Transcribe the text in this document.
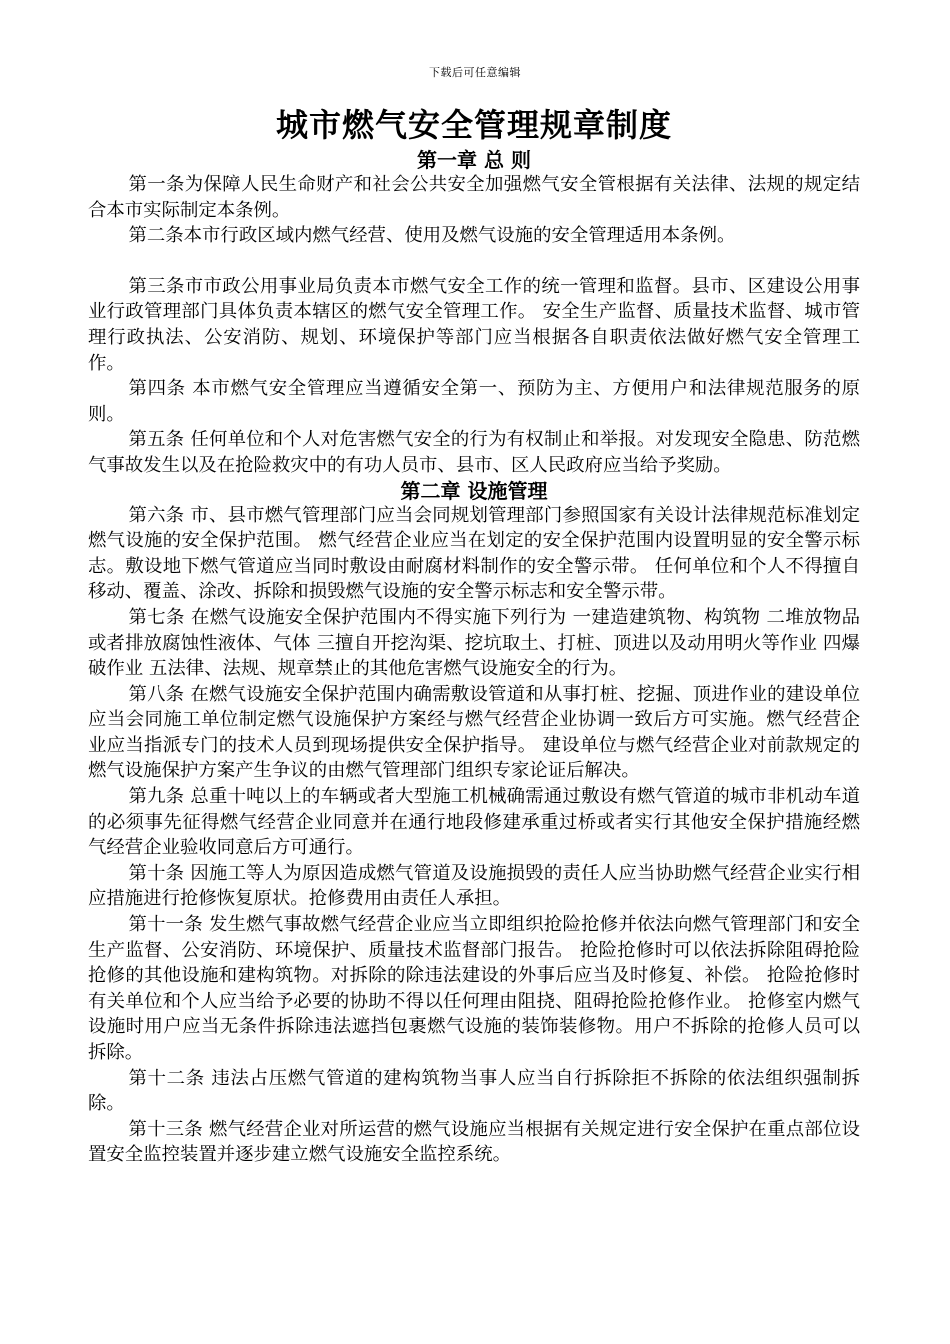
下载后可任意编辑
城市燃气安全管理规章制度
第一章 总 则

第一条为保障人民生命财产和社会公共安全加强燃气安全管根据有关法律、法规的规定结合本市实际制定本条例。

第二条本市行政区域内燃气经营、使用及燃气设施的安全管理适用本条例。

第三条市市政公用事业局负责本市燃气安全工作的统一管理和监督。县市、区建设公用事业行政管理部门具体负责本辖区的燃气安全管理工作。 安全生产监督、质量技术监督、城市管理行政执法、公安消防、规划、环境保护等部门应当根据各自职责依法做好燃气安全管理工作。

第四条 本市燃气安全管理应当遵循安全第一、预防为主、方便用户和法律规范服务的原则。

第五条 任何单位和个人对危害燃气安全的行为有权制止和举报。对发现安全隐患、防范燃气事故发生以及在抢险救灾中的有功人员市、县市、区人民政府应当给予奖励。

第二章 设施管理

第六条 市、县市燃气管理部门应当会同规划管理部门参照国家有关设计法律规范标准划定燃气设施的安全保护范围。 燃气经营企业应当在划定的安全保护范围内设置明显的安全警示标志。敷设地下燃气管道应当同时敷设由耐腐材料制作的安全警示带。 任何单位和个人不得擅自移动、覆盖、涂改、拆除和损毁燃气设施的安全警示标志和安全警示带。

第七条 在燃气设施安全保护范围内不得实施下列行为 一建造建筑物、构筑物 二堆放物品或者排放腐蚀性液体、气体 三擅自开挖沟渠、挖坑取土、打桩、顶进以及动用明火等作业 四爆破作业 五法律、法规、规章禁止的其他危害燃气设施安全的行为。

第八条 在燃气设施安全保护范围内确需敷设管道和从事打桩、挖掘、顶进作业的建设单位应当会同施工单位制定燃气设施保护方案经与燃气经营企业协调一致后方可实施。燃气经营企业应当指派专门的技术人员到现场提供安全保护指导。 建设单位与燃气经营企业对前款规定的燃气设施保护方案产生争议的由燃气管理部门组织专家论证后解决。

第九条 总重十吨以上的车辆或者大型施工机械确需通过敷设有燃气管道的城市非机动车道的必须事先征得燃气经营企业同意并在通行地段修建承重过桥或者实行其他安全保护措施经燃气经营企业验收同意后方可通行。

第十条 因施工等人为原因造成燃气管道及设施损毁的责任人应当协助燃气经营企业实行相应措施进行抢修恢复原状。抢修费用由责任人承担。

第十一条 发生燃气事故燃气经营企业应当立即组织抢险抢修并依法向燃气管理部门和安全生产监督、公安消防、环境保护、质量技术监督部门报告。 抢险抢修时可以依法拆除阻碍抢险抢修的其他设施和建构筑物。对拆除的除违法建设的外事后应当及时修复、补偿。 抢险抢修时有关单位和个人应当给予必要的协助不得以任何理由阻挠、阻碍抢险抢修作业。 抢修室内燃气设施时用户应当无条件拆除违法遮挡包裹燃气设施的装饰装修物。用户不拆除的抢修人员可以拆除。

第十二条 违法占压燃气管道的建构筑物当事人应当自行拆除拒不拆除的依法组织强制拆除。

第十三条 燃气经营企业对所运营的燃气设施应当根据有关规定进行安全保护在重点部位设置安全监控装置并逐步建立燃气设施安全监控系统。
